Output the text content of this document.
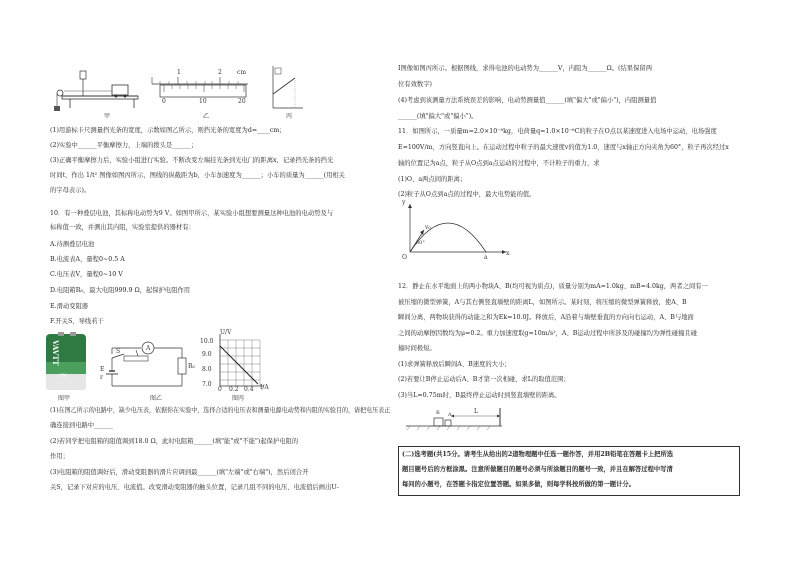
甲
1	2	cm
0	10	20
乙	丙
(1)用游标卡尺测量挡光条的宽度，示数如图乙所示，则挡光条的宽度为d=____cm；
(2)实验中______平衡摩擦力，上端的拨头是______；
(3)正确平衡摩擦力后，实验小组进行实验。不断改变左端挂光条到光电门的距离x，记录挡光条的挡光
时间t，作出 1/t² 图像如图丙所示，图线的纵截距为b，小车加速度为______；小车的质量为______(用相关
的字母表示)。
10．有一种叠层电池，其标称电动势为9 V。如图甲所示，某实验小组想要测量这种电池的电动势及与
标称值一致，并测出其内阻，实验室提供的器材有：
A.待测叠层电池
B.电流表A，量程0~0.5 A
C.电压表V，量程0~10 V
D.电阻箱R₀，最大电阻999.9 Ω，起保护电阻作用
E.滑动变阻器
F.开关S、导线若干
VAVTT
9V
图甲
A
S
E
r
R₀
图乙
U/V
10.0
9.0
8.0
7.0
0 0.2 0.4 I/A
图丙
(1)在图乙所示的电路中，缺少电压表，依据你在实验中，选择合适的电压表和测量电源电动势和内阻的实验目的，请把电压表正
确连接到电路中______
(2)若同学把电阻箱的阻值调到18.0 Ω，此时电阻箱______(填"能"或"不能")起保护电阻的
作用；
(3)电阻箱的阻值调好后，滑动变阻器的滑片应调到最______(填"左端"或"右端")，然后闭合开
关S，记录下对应的电压、电流值。改变滑动变阻器的触头位置，记录几组不同的电压、电流值后画出U-
I图像如图丙所示。根据图线，求得电池的电动势为______V，内阻为______Ω。(结果保留两
位有效数字)
(4)考虑到该测量方法系统误差的影响，电动势测量值______(填"偏大"或"偏小")，内阻测量值
______(填"偏大"或"偏小")。
11．如图所示，一质量m=2.0×10⁻⁸kg，电荷量q=1.0×10⁻⁶C的粒子在O点以某速度进入电场中运动，电场强度
E=100V/m，方向竖直向上。在运动过程中粒子的最大速度v的值为1.0，速度与x轴正方向夹角为60°，粒子再次经过x
轴的位置记为a点，粒子从O点到a点运动的过程中，不计粒子的重力，求
(1)O、a两点间的距离；
(2)粒子从O点到a点的过程中，最大电势能的值。
y
x
O	a
v₀
60°
12．静止在水平地面上的两小物块A、B(均可视为质点)，质量分别为mA=1.0kg、mB=4.0kg，两者之间有一
被压缩的微型弹簧，A与其右侧竖直墙壁的距离L，如图所示。某时刻，将压缩的微型弹簧释放，使A、B
瞬间分离，两物块获得的动能之和为Ek=10.0J。释放后，A沿着与墙壁垂直的方向向右运动，A、B与地面
之间的动摩擦因数均为μ=0.2。重力加速度取g=10m/s²，A、B运动过程中所涉及的碰撞均为弹性碰撞且碰
撞时间极短。
(1)求弹簧释放后瞬间A、B速度的大小；
(2)若要让B停止运动后A、B才第一次相碰，求L的取值范围；
(3)当L=0.75m时，B最终停止运动时到竖直墙壁的距离。
B A	L
(二)选考题(共15分。请考生从给出的2道物理题中任选一题作答，并用2B铅笔在答题卡上把所选
题目题号后的方框涂黑。注意所做题目的题号必须与所涂题目的题号一致，并且在解答过程中写清
每问的小题号，在答题卡指定位置答题。如果多做，则每学科按所做的第一题计分。
